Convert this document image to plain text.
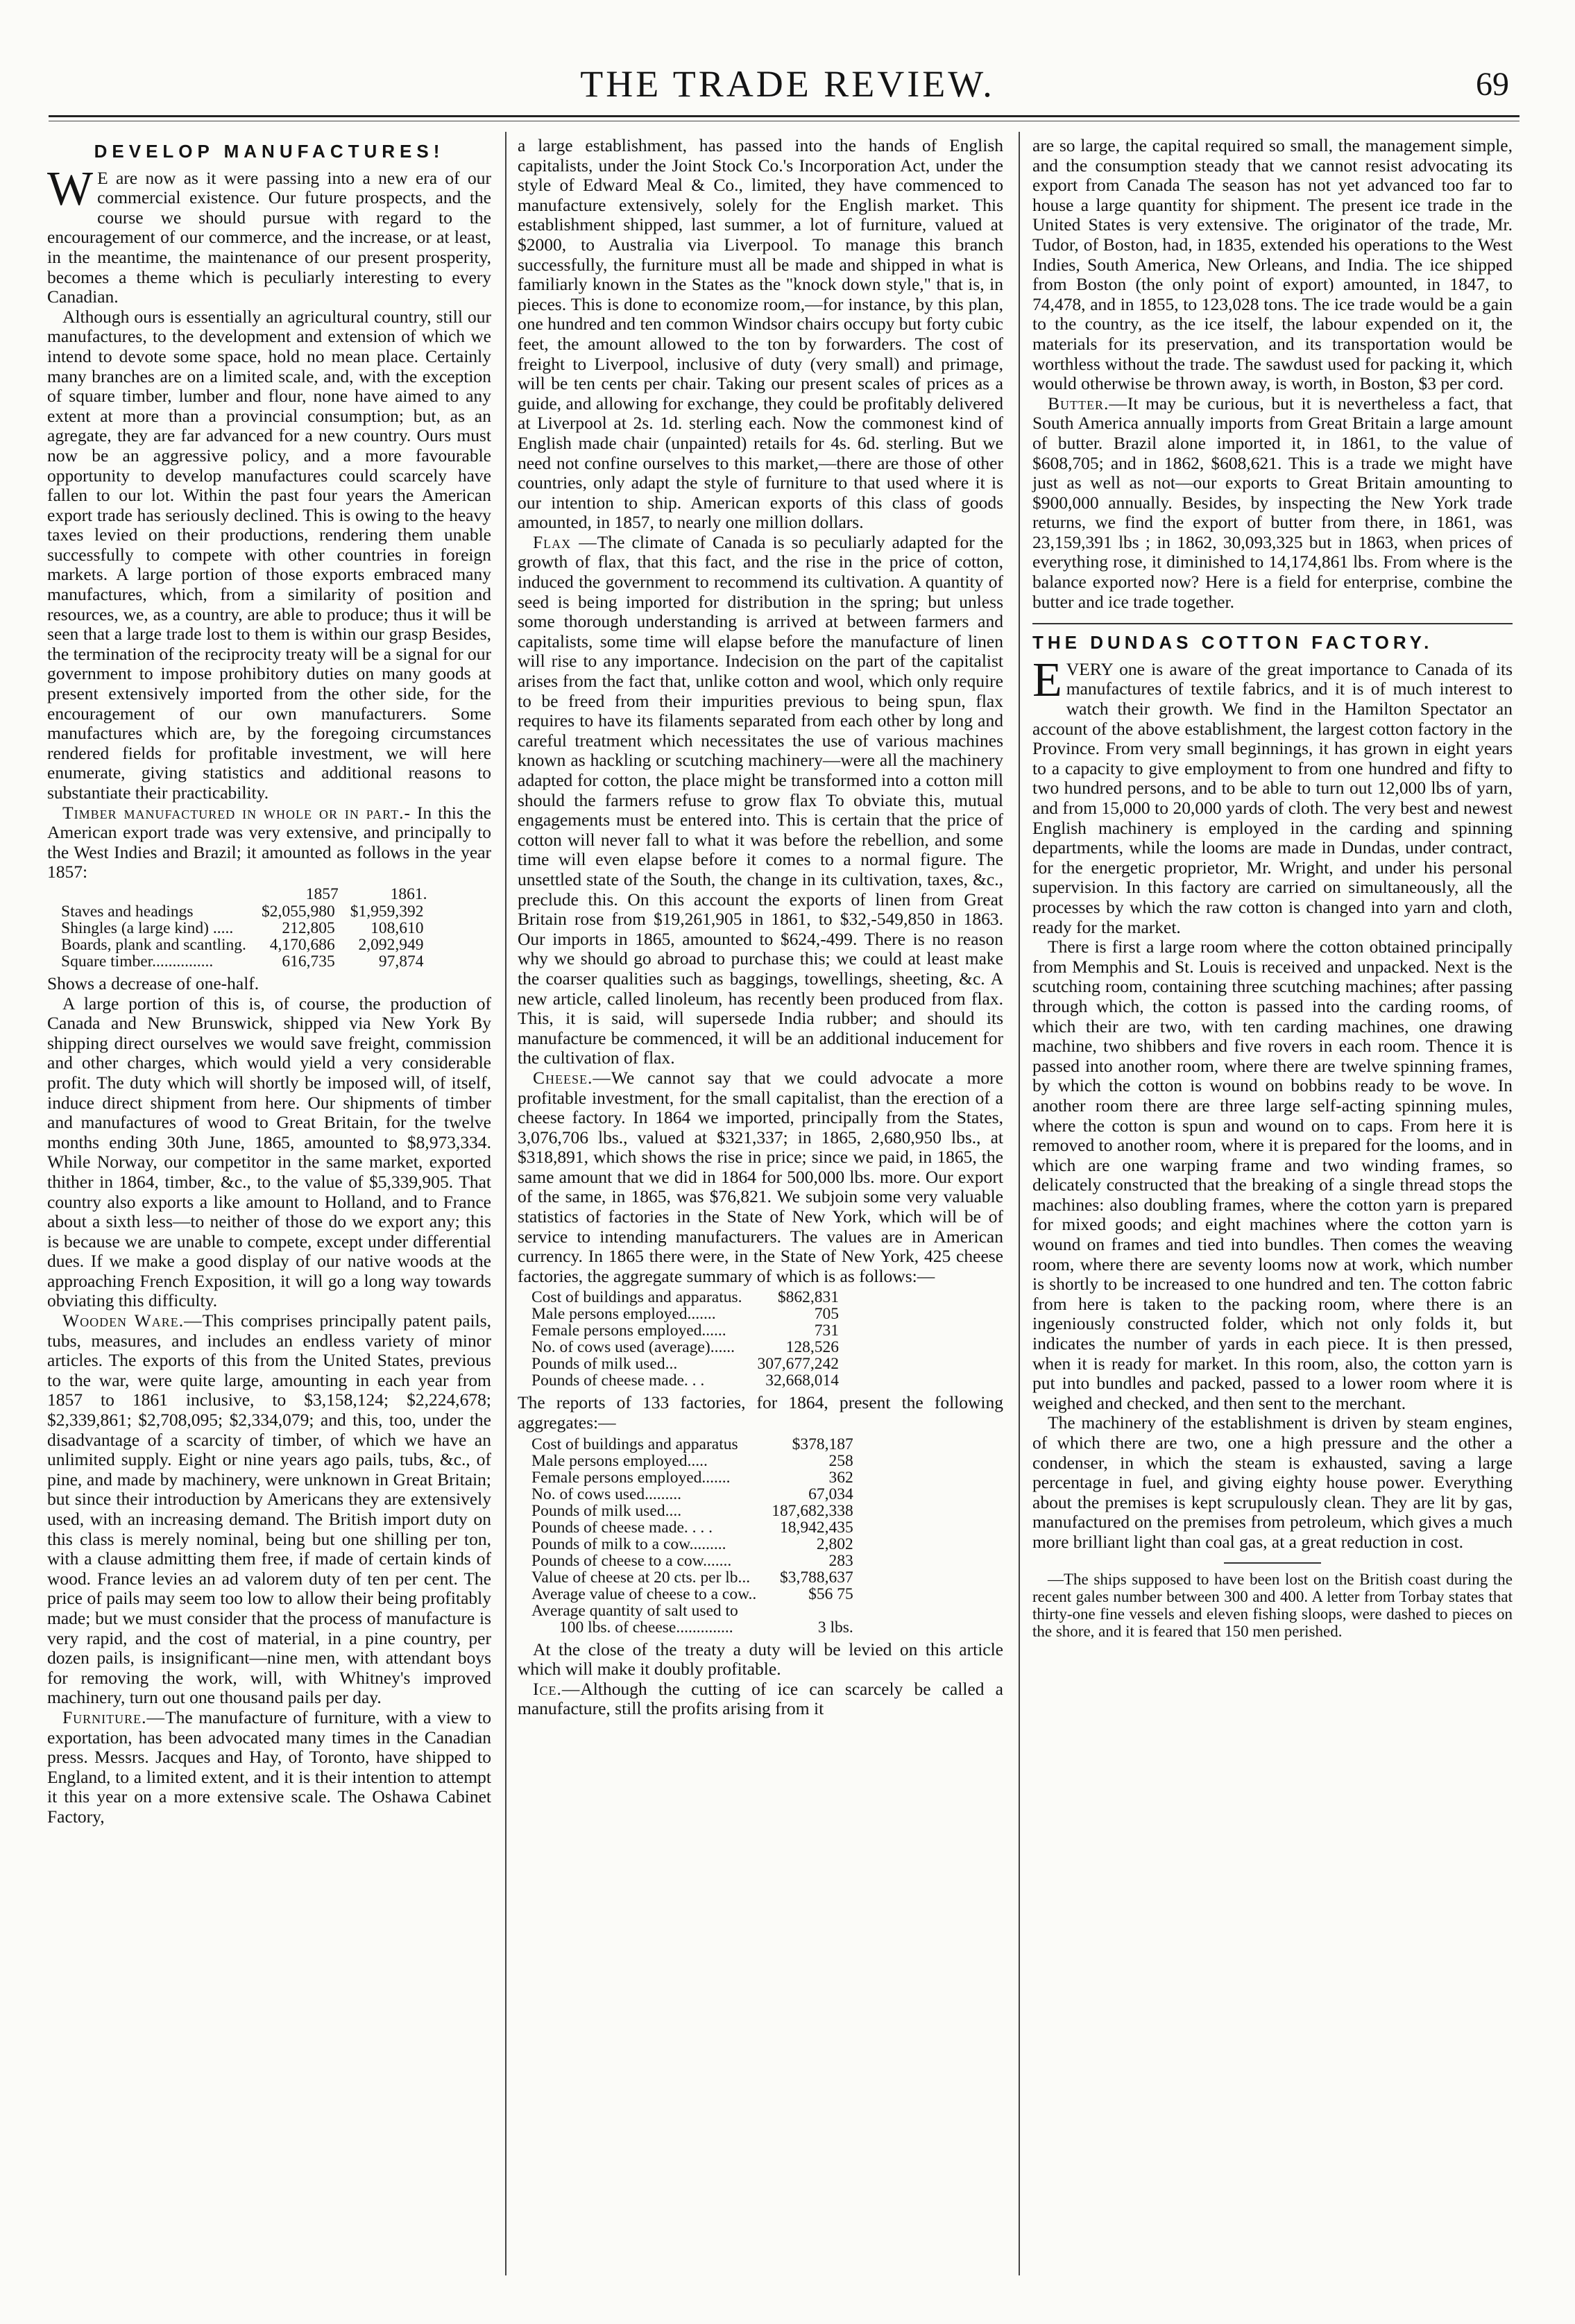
THE TRADE REVIEW.	69
DEVELOP MANUFACTURES!

W E are now as it were passing into a new era of our commercial existence. Our future prospects, and the course we should pursue with regard to the encouragement of our commerce, and the increase, or at least, in the meantime, the maintenance of our present prosperity, becomes a theme which is peculiarly interesting to every Canadian.

Although ours is essentially an agricultural country, still our manufactures, to the development and extension of which we intend to devote some space, hold no mean place. Certainly many branches are on a limited scale, and, with the exception of square timber, lumber and flour, none have aimed to any extent at more than a provincial consumption; but, as an agregate, they are far advanced for a new country. Ours must now be an aggressive policy, and a more favourable opportunity to develop manufactures could scarcely have fallen to our lot. Within the past four years the American export trade has seriously declined. This is owing to the heavy taxes levied on their productions, rendering them unable successfully to compete with other countries in foreign markets. A large portion of those exports embraced many manufactures, which, from a similarity of position and resources, we, as a country, are able to produce; thus it will be seen that a large trade lost to them is within our grasp Besides, the termination of the reciprocity treaty will be a signal for our government to impose prohibitory duties on many goods at present extensively imported from the other side, for the encouragement of our own manufacturers. Some manufactures which are, by the foregoing circumstances rendered fields for profitable investment, we will here enumerate, giving statistics and additional reasons to substantiate their practicability.

Timber manufactured in whole or in part.- In this the American export trade was very extensive, and principally to the West Indies and Brazil; it amounted as follows in the year 1857:

	1857	1861.
Staves and headings	$2,055,980	$1,959,392
Shingles (a large kind) .....	212,805	108,610
Boards, plank and scantling.	4,170,686	2,092,949
Square timber...............	616,735	97,874

Shows a decrease of one-half.

A large portion of this is, of course, the production of Canada and New Brunswick, shipped via New York By shipping direct ourselves we would save freight, commission and other charges, which would yield a very considerable profit. The duty which will shortly be imposed will, of itself, induce direct shipment from here. Our shipments of timber and manufactures of wood to Great Britain, for the twelve months ending 30th June, 1865, amounted to $8,973,334. While Norway, our competitor in the same market, exported thither in 1864, timber, &c., to the value of $5,339,905. That country also exports a like amount to Holland, and to France about a sixth less—to neither of those do we export any; this is because we are unable to compete, except under differential dues. If we make a good display of our native woods at the approaching French Exposition, it will go a long way towards obviating this difficulty.

Wooden Ware.—This comprises principally patent pails, tubs, measures, and includes an endless variety of minor articles. The exports of this from the United States, previous to the war, were quite large, amounting in each year from 1857 to 1861 inclusive, to $3,158,124; $2,224,678; $2,339,861; $2,708,095; $2,334,079; and this, too, under the disadvantage of a scarcity of timber, of which we have an unlimited supply. Eight or nine years ago pails, tubs, &c., of pine, and made by machinery, were unknown in Great Britain; but since their introduction by Americans they are extensively used, with an increasing demand. The British import duty on this class is merely nominal, being but one shilling per ton, with a clause admitting them free, if made of certain kinds of wood. France levies an ad valorem duty of ten per cent. The price of pails may seem too low to allow their being profitably made; but we must consider that the process of manufacture is very rapid, and the cost of material, in a pine country, per dozen pails, is insignificant—nine men, with attendant boys for removing the work, will, with Whitney's improved machinery, turn out one thousand pails per day.

Furniture.—The manufacture of furniture, with a view to exportation, has been advocated many times in the Canadian press. Messrs. Jacques and Hay, of Toronto, have shipped to England, to a limited extent, and it is their intention to attempt it this year on a more extensive scale. The Oshawa Cabinet Factory,

a large establishment, has passed into the hands of English capitalists, under the Joint Stock Co.'s Incorporation Act, under the style of Edward Meal & Co., limited, they have commenced to manufacture extensively, solely for the English market. This establishment shipped, last summer, a lot of furniture, valued at $2000, to Australia via Liverpool. To manage this branch successfully, the furniture must all be made and shipped in what is familiarly known in the States as the "knock down style," that is, in pieces. This is done to economize room,—for instance, by this plan, one hundred and ten common Windsor chairs occupy but forty cubic feet, the amount allowed to the ton by forwarders. The cost of freight to Liverpool, inclusive of duty (very small) and primage, will be ten cents per chair. Taking our present scales of prices as a guide, and allowing for exchange, they could be profitably delivered at Liverpool at 2s. 1d. sterling each. Now the commonest kind of English made chair (unpainted) retails for 4s. 6d. sterling. But we need not confine ourselves to this market,—there are those of other countries, only adapt the style of furniture to that used where it is our intention to ship. American exports of this class of goods amounted, in 1857, to nearly one million dollars.

Flax —The climate of Canada is so peculiarly adapted for the growth of flax, that this fact, and the rise in the price of cotton, induced the government to recommend its cultivation. A quantity of seed is being imported for distribution in the spring; but unless some thorough understanding is arrived at between farmers and capitalists, some time will elapse before the manufacture of linen will rise to any importance. Indecision on the part of the capitalist arises from the fact that, unlike cotton and wool, which only require to be freed from their impurities previous to being spun, flax requires to have its filaments separated from each other by long and careful treatment which necessitates the use of various machines known as hackling or scutching machinery—were all the machinery adapted for cotton, the place might be transformed into a cotton mill should the farmers refuse to grow flax To obviate this, mutual engagements must be entered into. This is certain that the price of cotton will never fall to what it was before the rebellion, and some time will even elapse before it comes to a normal figure. The unsettled state of the South, the change in its cultivation, taxes, &c., preclude this. On this account the exports of linen from Great Britain rose from $19,261,905 in 1861, to $32,-549,850 in 1863. Our imports in 1865, amounted to $624,-499. There is no reason why we should go abroad to purchase this; we could at least make the coarser qualities such as baggings, towellings, sheeting, &c. A new article, called linoleum, has recently been produced from flax. This, it is said, will supersede India rubber; and should its manufacture be commenced, it will be an additional inducement for the cultivation of flax.

Cheese.—We cannot say that we could advocate a more profitable investment, for the small capitalist, than the erection of a cheese factory. In 1864 we imported, principally from the States, 3,076,706 lbs., valued at $321,337; in 1865, 2,680,950 lbs., at $318,891, which shows the rise in price; since we paid, in 1865, the same amount that we did in 1864 for 500,000 lbs. more. Our export of the same, in 1865, was $76,821. We subjoin some very valuable statistics of factories in the State of New York, which will be of service to intending manufacturers. The values are in American currency. In 1865 there were, in the State of New York, 425 cheese factories, the aggregate summary of which is as follows:—

Cost of buildings and apparatus.	$862,831
Male persons employed.......	705
Female persons employed......	731
No. of cows used (average)......	128,526
Pounds of milk used...	307,677,242
Pounds of cheese made. . .	32,668,014

The reports of 133 factories, for 1864, present the following aggregates:—

Cost of buildings and apparatus	$378,187
Male persons employed.....	258
Female persons employed.......	362
No. of cows used.........	67,034
Pounds of milk used....	187,682,338
Pounds of cheese made. . . .	18,942,435
Pounds of milk to a cow.........	2,802
Pounds of cheese to a cow.......	283
Value of cheese at 20 cts. per lb...	$3,788,637
Average value of cheese to a cow..	$56 75
Average quantity of salt used to	
100 lbs. of cheese..............	3 lbs.

At the close of the treaty a duty will be levied on this article which will make it doubly profitable.

Ice.—Although the cutting of ice can scarcely be called a manufacture, still the profits arising from it

are so large, the capital required so small, the management simple, and the consumption steady that we cannot resist advocating its export from Canada The season has not yet advanced too far to house a large quantity for shipment. The present ice trade in the United States is very extensive. The originator of the trade, Mr. Tudor, of Boston, had, in 1835, extended his operations to the West Indies, South America, New Orleans, and India. The ice shipped from Boston (the only point of export) amounted, in 1847, to 74,478, and in 1855, to 123,028 tons. The ice trade would be a gain to the country, as the ice itself, the labour expended on it, the materials for its preservation, and its transportation would be worthless without the trade. The sawdust used for packing it, which would otherwise be thrown away, is worth, in Boston, $3 per cord.

Butter.—It may be curious, but it is nevertheless a fact, that South America annually imports from Great Britain a large amount of butter. Brazil alone imported it, in 1861, to the value of $608,705; and in 1862, $608,621. This is a trade we might have just as well as not—our exports to Great Britain amounting to $900,000 annually. Besides, by inspecting the New York trade returns, we find the export of butter from there, in 1861, was 23,159,391 lbs ; in 1862, 30,093,325 but in 1863, when prices of everything rose, it diminished to 14,174,861 lbs. From where is the balance exported now? Here is a field for enterprise, combine the butter and ice trade together.

THE DUNDAS COTTON FACTORY.

EVERY one is aware of the great importance to Canada of its manufactures of textile fabrics, and it is of much interest to watch their growth. We find in the Hamilton Spectator an account of the above establishment, the largest cotton factory in the Province. From very small beginnings, it has grown in eight years to a capacity to give employment to from one hundred and fifty to two hundred persons, and to be able to turn out 12,000 lbs of yarn, and from 15,000 to 20,000 yards of cloth. The very best and newest English machinery is employed in the carding and spinning departments, while the looms are made in Dundas, under contract, for the energetic proprietor, Mr. Wright, and under his personal supervision. In this factory are carried on simultaneously, all the processes by which the raw cotton is changed into yarn and cloth, ready for the market.

There is first a large room where the cotton obtained principally from Memphis and St. Louis is received and unpacked. Next is the scutching room, containing three scutching machines; after passing through which, the cotton is passed into the carding rooms, of which their are two, with ten carding machines, one drawing machine, two shibbers and five rovers in each room. Thence it is passed into another room, where there are twelve spinning frames, by which the cotton is wound on bobbins ready to be wove. In another room there are three large self-acting spinning mules, where the cotton is spun and wound on to caps. From here it is removed to another room, where it is prepared for the looms, and in which are one warping frame and two winding frames, so delicately constructed that the breaking of a single thread stops the machines: also doubling frames, where the cotton yarn is prepared for mixed goods; and eight machines where the cotton yarn is wound on frames and tied into bundles. Then comes the weaving room, where there are seventy looms now at work, which number is shortly to be increased to one hundred and ten. The cotton fabric from here is taken to the packing room, where there is an ingeniously constructed folder, which not only folds it, but indicates the number of yards in each piece. It is then pressed, when it is ready for market. In this room, also, the cotton yarn is put into bundles and packed, passed to a lower room where it is weighed and checked, and then sent to the merchant.

The machinery of the establishment is driven by steam engines, of which there are two, one a high pressure and the other a condenser, in which the steam is exhausted, saving a large percentage in fuel, and giving eighty house power. Everything about the premises is kept scrupulously clean. They are lit by gas, manufactured on the premises from petroleum, which gives a much more brilliant light than coal gas, at a great reduction in cost.

—The ships supposed to have been lost on the British coast during the recent gales number between 300 and 400. A letter from Torbay states that thirty-one fine vessels and eleven fishing sloops, were dashed to pieces on the shore, and it is feared that 150 men perished.
